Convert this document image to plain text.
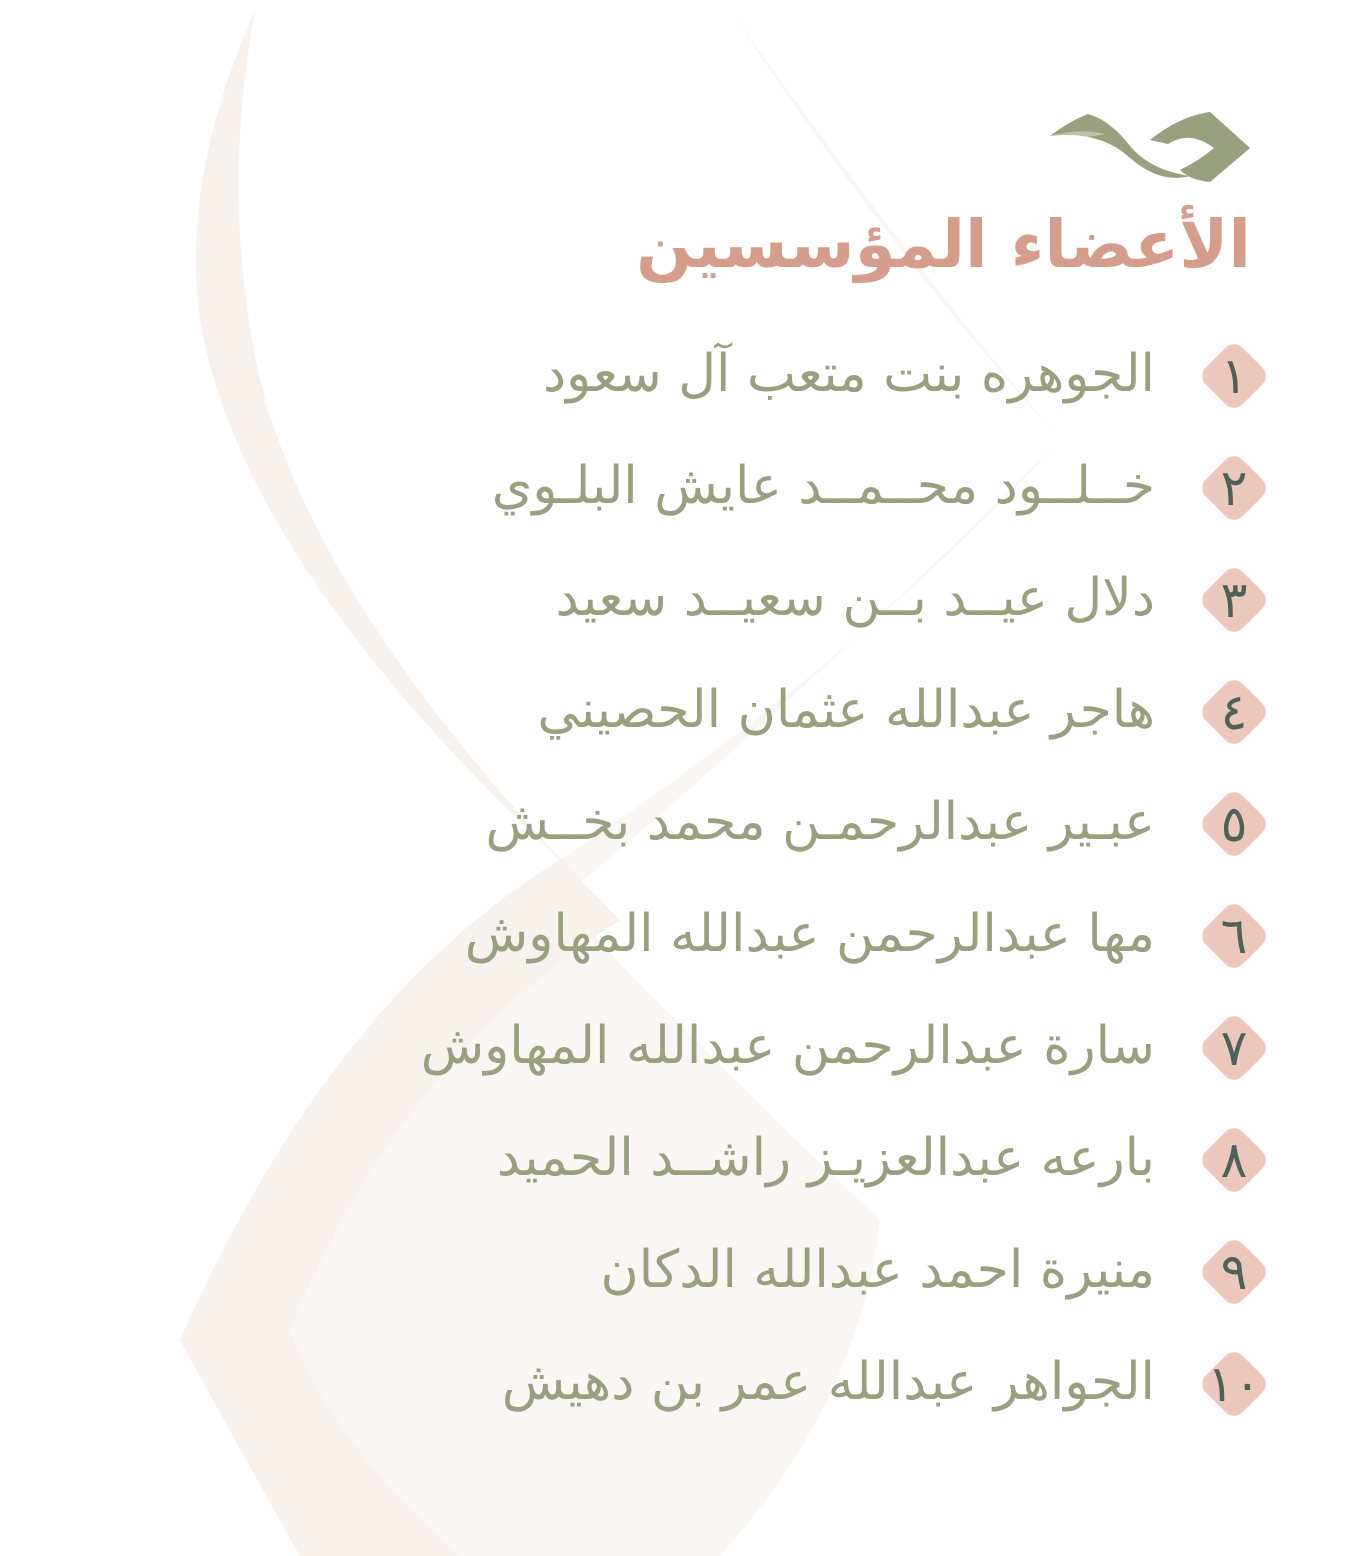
الأعضاء المؤسسين
١
الجوهره بنت متعب آل سعود
٢
خــلــود محــمــد عايش البلـوي
٣
دلال عيــد بــن سعيــد سعيد
٤
هاجر عبدالله عثمان الحصيني
٥
عبـير عبدالرحمـن محمد بخــش
٦
مها عبدالرحمن عبدالله المهاوش
٧
سارة عبدالرحمن عبدالله المهاوش
٨
بارعه عبدالعزيـز راشــد الحميد
٩
منيرة احمد عبدالله الدكان
١٠
الجواهر عبدالله عمر بن دهيش
